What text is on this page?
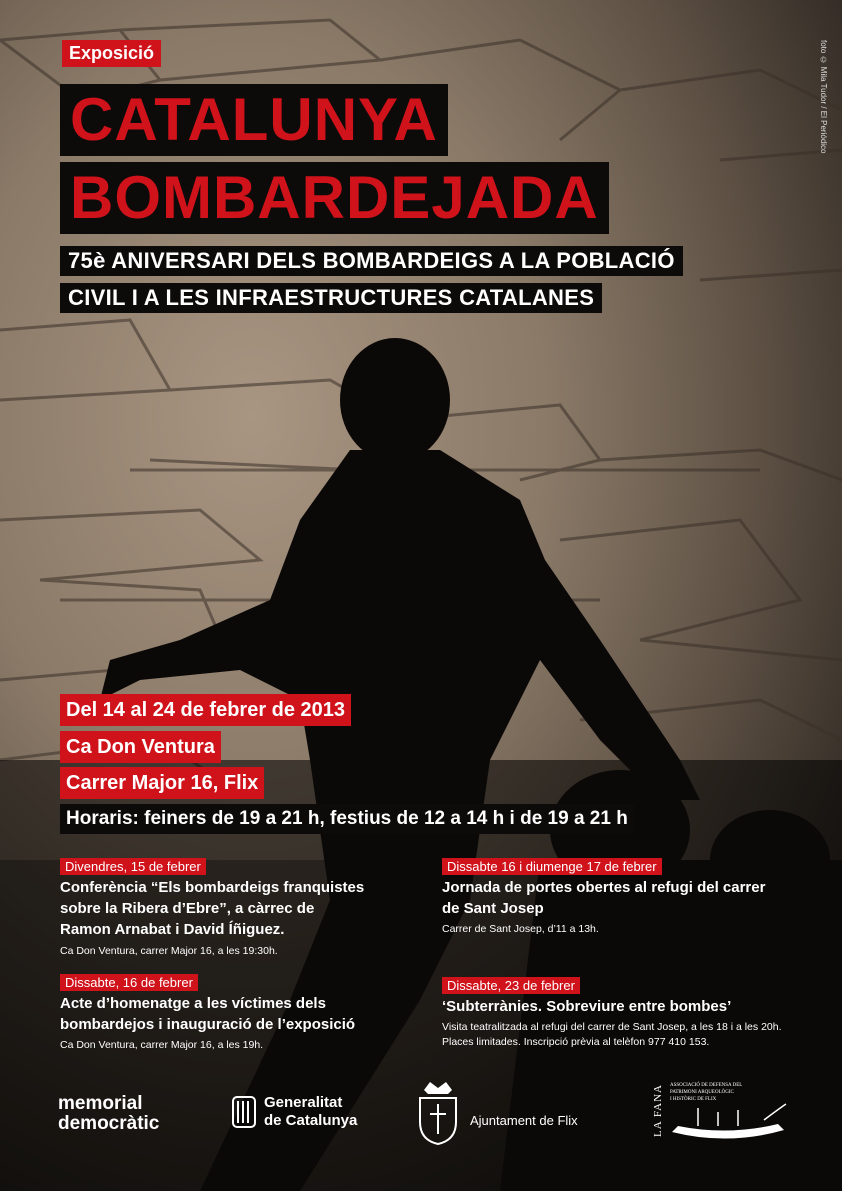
foto © Mila Tudor / El Periódico
Exposició
CATALUNYA
BOMBARDEJADA
75è ANIVERSARI DELS BOMBARDEIGS A LA POBLACIÓ
CIVIL I A LES INFRAESTRUCTURES CATALANES
Del 14 al 24 de febrer de 2013
Ca Don Ventura
Carrer Major 16, Flix
Horaris: feiners de 19 a 21 h, festius de 12 a 14 h i de 19 a 21 h
Divendres, 15 de febrer
Conferència “Els bombardeigs franquistes
sobre la Ribera d’Ebre”, a càrrec de
Ramon Arnabat i David Íñiguez.
Ca Don Ventura, carrer Major 16, a les 19:30h.
Dissabte, 16 de febrer
Acte d’homenatge a les víctimes dels
bombardejos i inauguració de l’exposició
Ca Don Ventura, carrer Major 16, a les 19h.
Dissabte 16 i diumenge 17 de febrer
Jornada de portes obertes al refugi del carrer
de Sant Josep
Carrer de Sant Josep, d’11 a 13h.
Dissabte, 23 de febrer
‘Subterrànies. Sobreviure entre bombes’
Visita teatralitzada al refugi del carrer de Sant Josep, a les 18 i a les 20h.
Places limitades. Inscripció prèvia al telèfon 977 410 153.
memorial
democràtic
Generalitat
de Catalunya	Ajuntament de Flix	LA FANA ASSOCIACIÓ DE DEFENSA DEL
PATRIMONI ARQUEOLÒGIC
I HISTÒRIC DE FLIX
